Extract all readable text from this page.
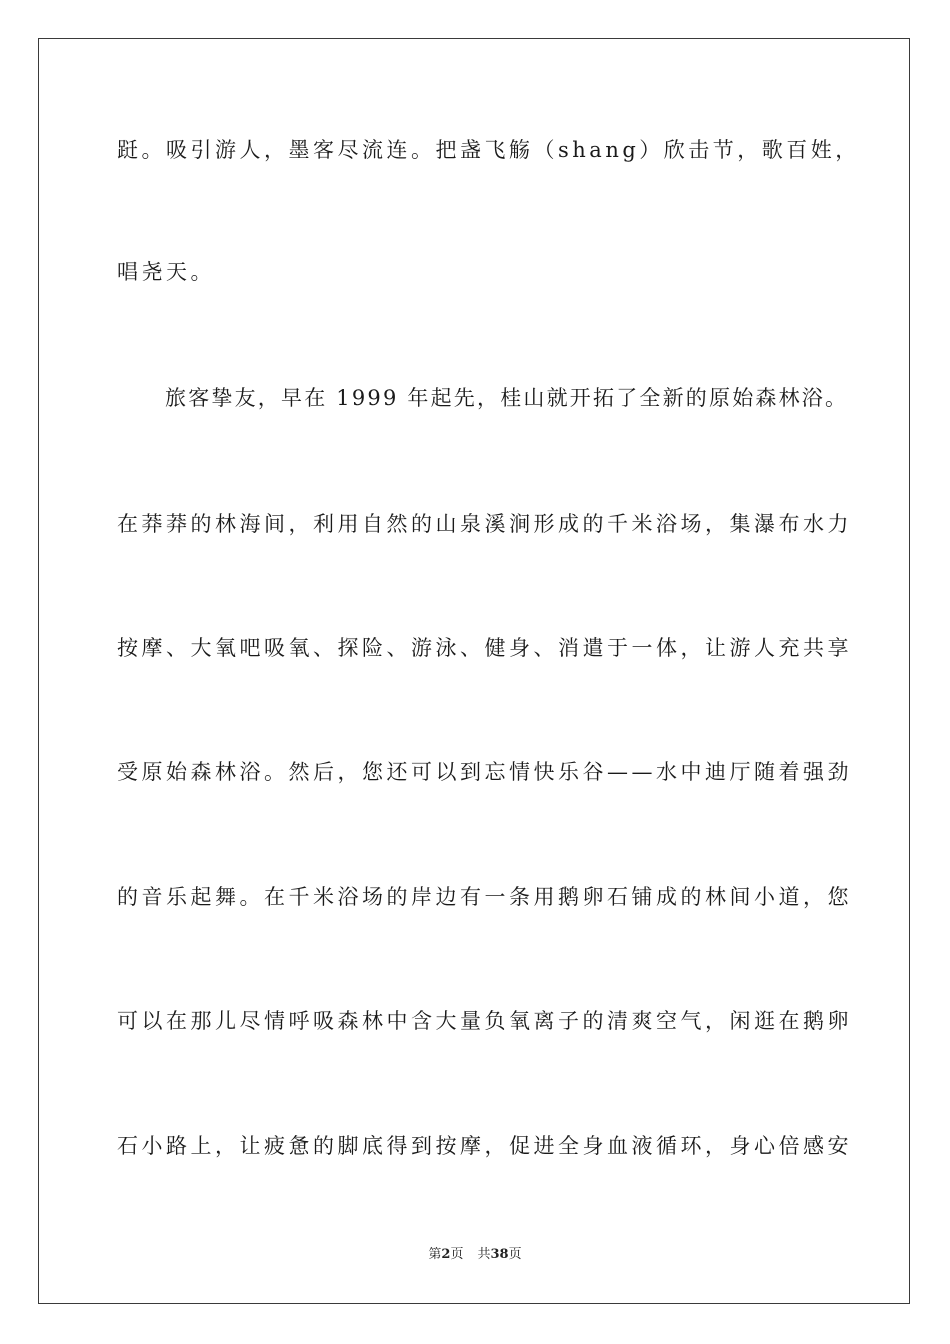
跹。吸引游人，墨客尽流连。把盏飞觞（shang）欣击节，歌百姓，
唱尧天。
旅客挚友，早在 1999 年起先，桂山就开拓了全新的原始森林浴。
在莽莽的林海间，利用自然的山泉溪涧形成的千米浴场，集瀑布水力
按摩、大氧吧吸氧、探险、游泳、健身、消遣于一体，让游人充共享
受原始森林浴。然后，您还可以到忘情快乐谷——水中迪厅随着强劲
的音乐起舞。在千米浴场的岸边有一条用鹅卵石铺成的林间小道，您
可以在那儿尽情呼吸森林中含大量负氧离子的清爽空气，闲逛在鹅卵
石小路上，让疲惫的脚底得到按摩，促进全身血液循环，身心倍感安
第2页 共38页
